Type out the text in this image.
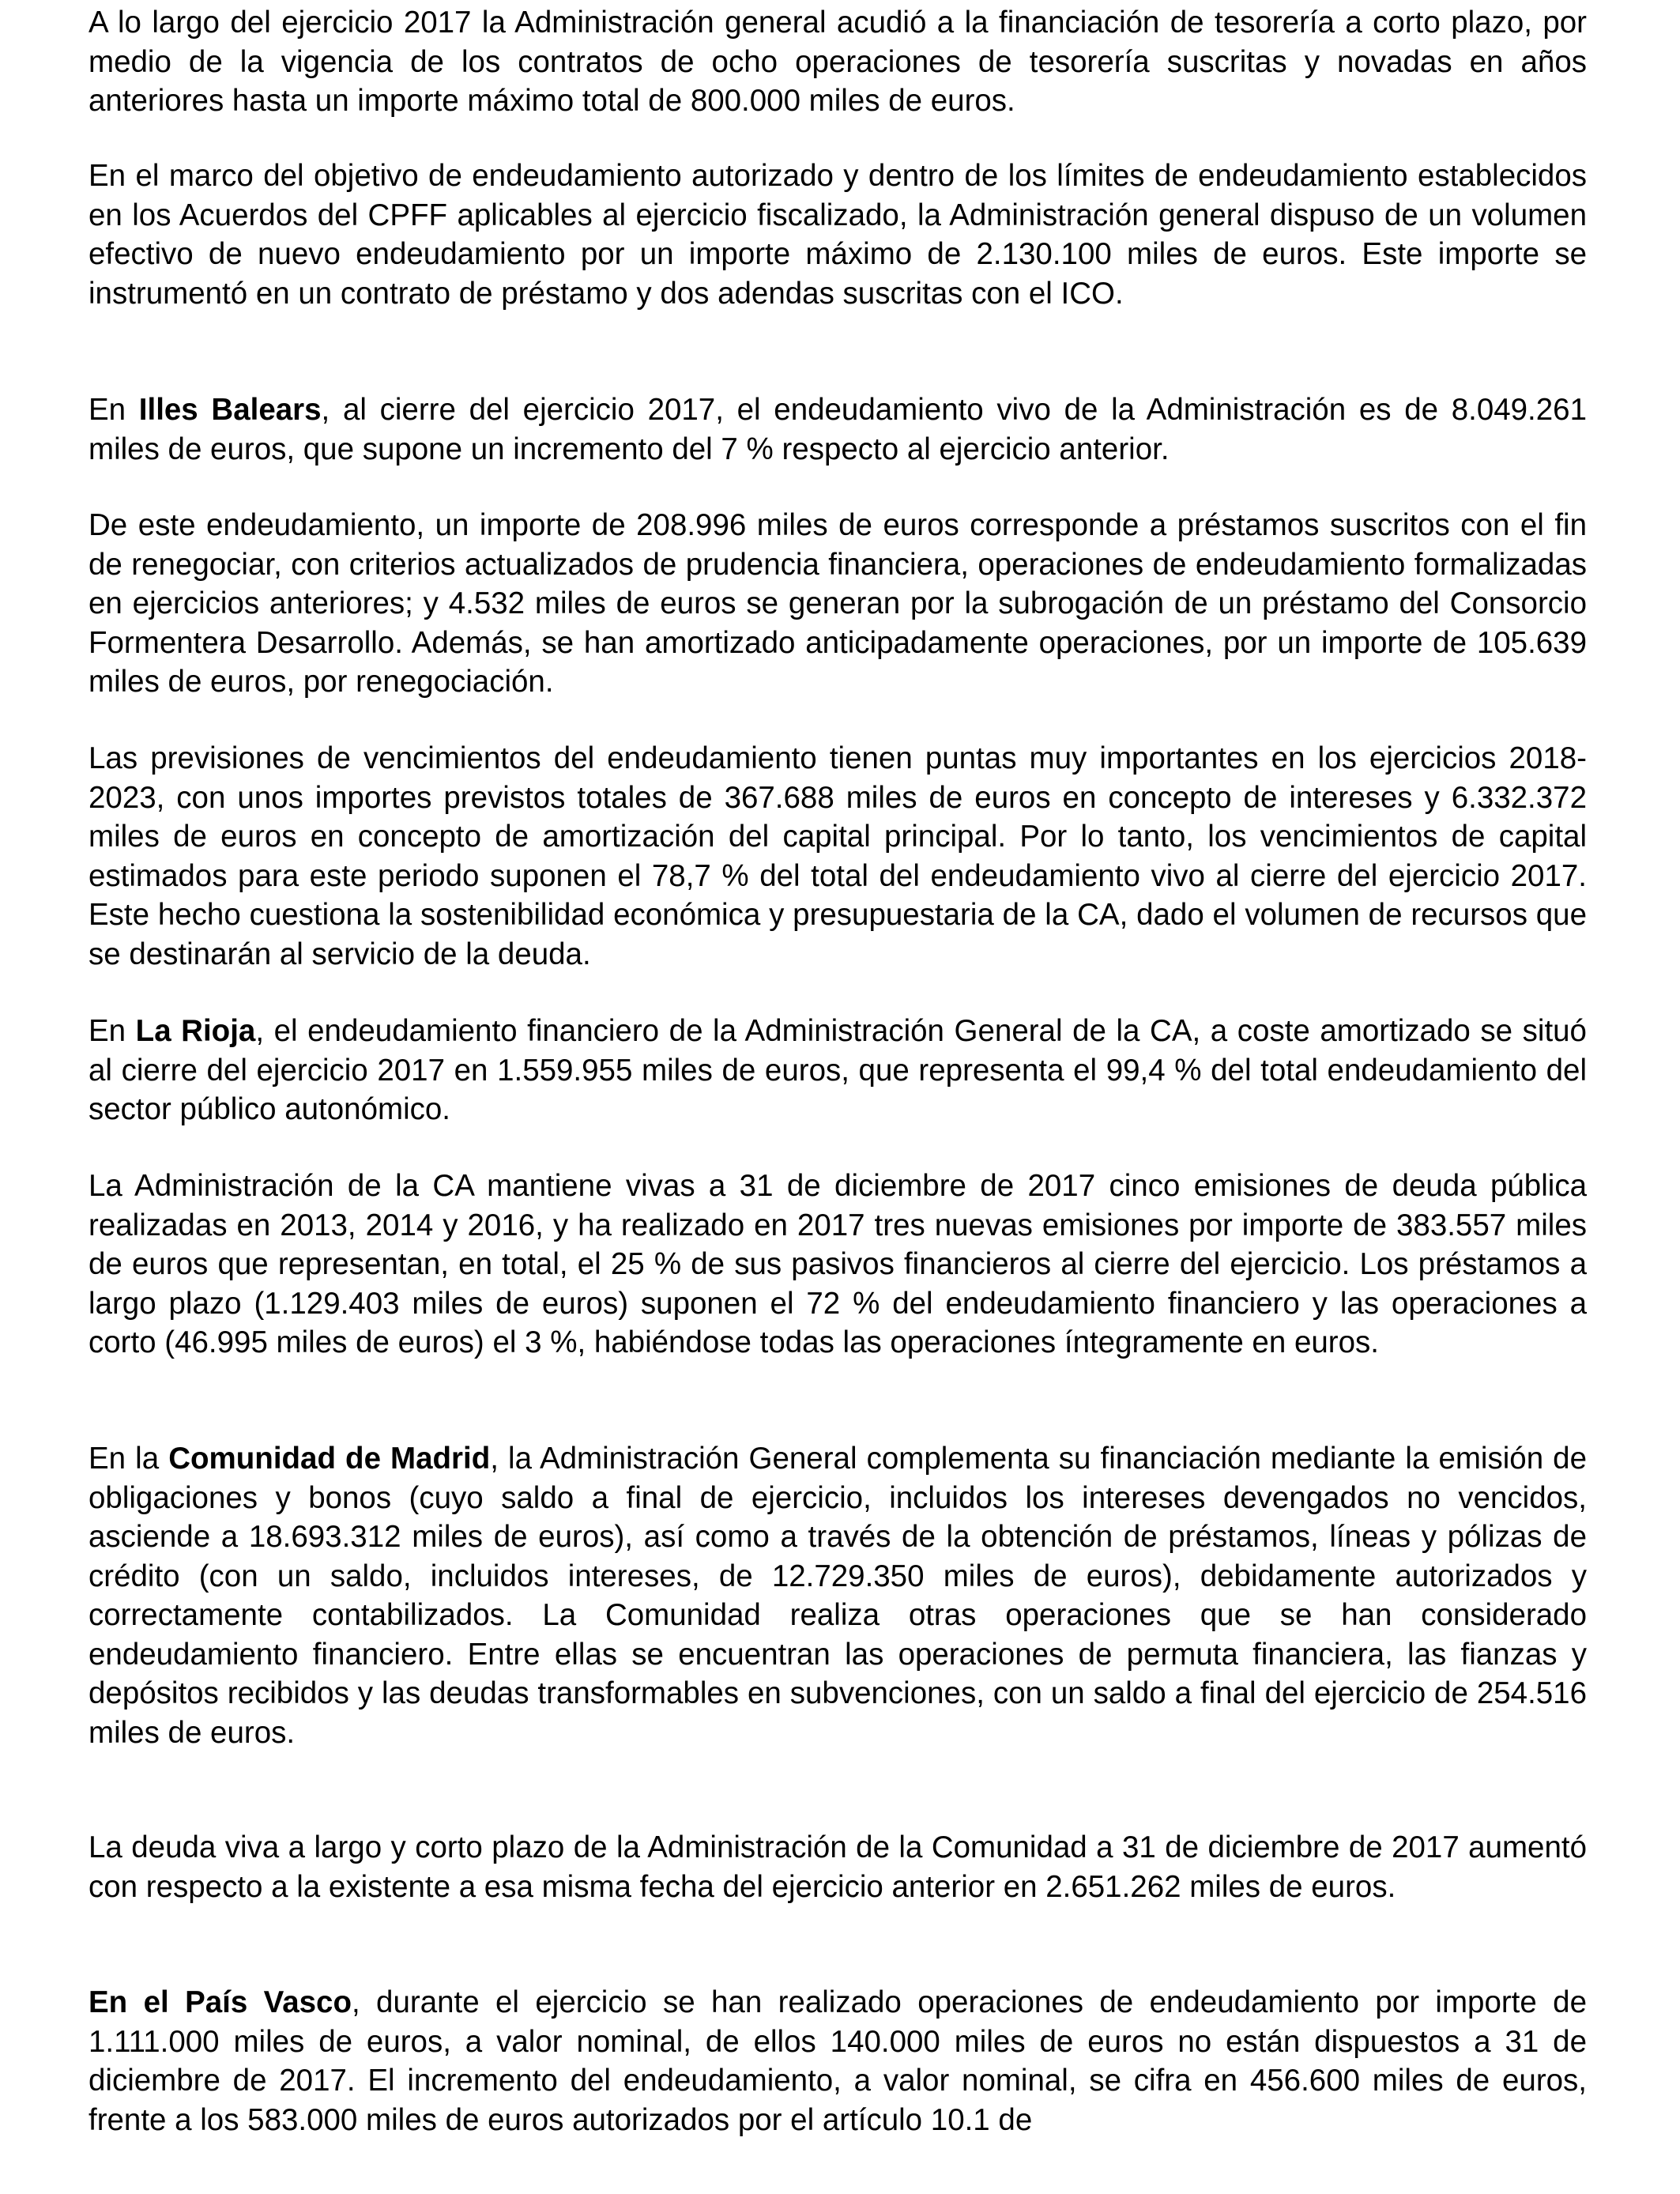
A lo largo del ejercicio 2017 la Administración general acudió a la financiación de tesorería a corto plazo, por medio de la vigencia de los contratos de ocho operaciones de tesorería suscritas y novadas en años anteriores hasta un importe máximo total de 800.000 miles de euros.

En el marco del objetivo de endeudamiento autorizado y dentro de los límites de endeudamiento establecidos en los Acuerdos del CPFF aplicables al ejercicio fiscalizado, la Administración general dispuso de un volumen efectivo de nuevo endeudamiento por un importe máximo de 2.130.100 miles de euros. Este importe se instrumentó en un contrato de préstamo y dos adendas suscritas con el ICO.

En Illes Balears, al cierre del ejercicio 2017, el endeudamiento vivo de la Administración es de 8.049.261 miles de euros, que supone un incremento del 7 % respecto al ejercicio anterior.

De este endeudamiento, un importe de 208.996 miles de euros corresponde a préstamos suscritos con el fin de renegociar, con criterios actualizados de prudencia financiera, operaciones de endeudamiento formalizadas en ejercicios anteriores; y 4.532 miles de euros se generan por la subrogación de un préstamo del Consorcio Formentera Desarrollo. Además, se han amortizado anticipadamente operaciones, por un importe de 105.639 miles de euros, por renegociación.

Las previsiones de vencimientos del endeudamiento tienen puntas muy importantes en los ejercicios 2018-2023, con unos importes previstos totales de 367.688 miles de euros en concepto de intereses y 6.332.372 miles de euros en concepto de amortización del capital principal. Por lo tanto, los vencimientos de capital estimados para este periodo suponen el 78,7 % del total del endeudamiento vivo al cierre del ejercicio 2017. Este hecho cuestiona la sostenibilidad económica y presupuestaria de la CA, dado el volumen de recursos que se destinarán al servicio de la deuda.

En La Rioja, el endeudamiento financiero de la Administración General de la CA, a coste amortizado se situó al cierre del ejercicio 2017 en 1.559.955 miles de euros, que representa el 99,4 % del total endeudamiento del sector público autonómico.

La Administración de la CA mantiene vivas a 31 de diciembre de 2017 cinco emisiones de deuda pública realizadas en 2013, 2014 y 2016, y ha realizado en 2017 tres nuevas emisiones por importe de 383.557 miles de euros que representan, en total, el 25 % de sus pasivos financieros al cierre del ejercicio. Los préstamos a largo plazo (1.129.403 miles de euros) suponen el 72 % del endeudamiento financiero y las operaciones a corto (46.995 miles de euros) el 3 %, habiéndose todas las operaciones íntegramente en euros.

En la Comunidad de Madrid, la Administración General complementa su financiación mediante la emisión de obligaciones y bonos (cuyo saldo a final de ejercicio, incluidos los intereses devengados no vencidos, asciende a 18.693.312 miles de euros), así como a través de la obtención de préstamos, líneas y pólizas de crédito (con un saldo, incluidos intereses, de 12.729.350 miles de euros), debidamente autorizados y correctamente contabilizados. La Comunidad realiza otras operaciones que se han considerado endeudamiento financiero. Entre ellas se encuentran las operaciones de permuta financiera, las fianzas y depósitos recibidos y las deudas transformables en subvenciones, con un saldo a final del ejercicio de 254.516 miles de euros.

La deuda viva a largo y corto plazo de la Administración de la Comunidad a 31 de diciembre de 2017 aumentó con respecto a la existente a esa misma fecha del ejercicio anterior en 2.651.262 miles de euros.

En el País Vasco, durante el ejercicio se han realizado operaciones de endeudamiento por importe de 1.111.000 miles de euros, a valor nominal, de ellos 140.000 miles de euros no están dispuestos a 31 de diciembre de 2017. El incremento del endeudamiento, a valor nominal, se cifra en 456.600 miles de euros, frente a los 583.000 miles de euros autorizados por el artículo 10.1 de
